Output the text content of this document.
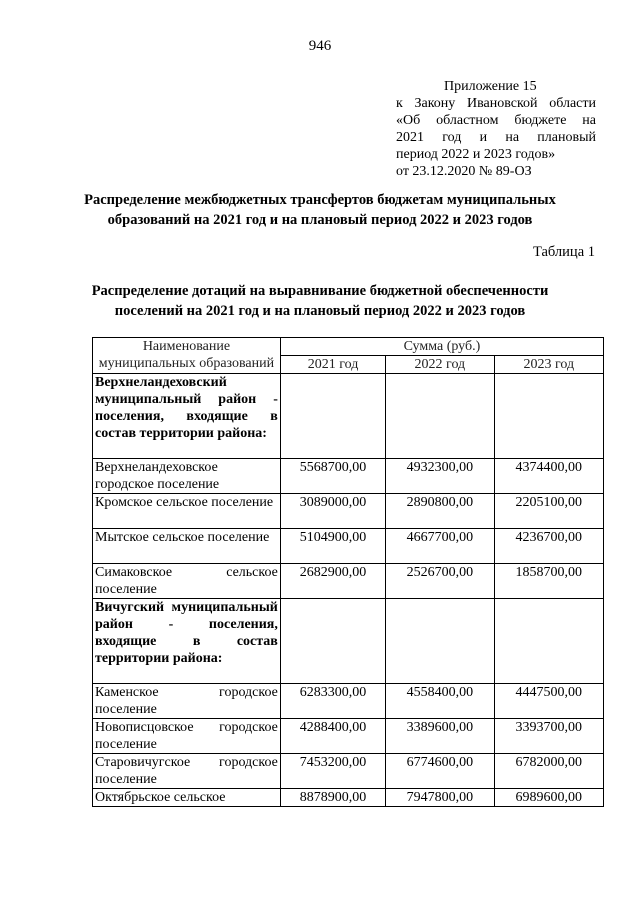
946
Приложение 15
к Закону Ивановской области
«Об областном бюджете на
2021 год и на плановый
период 2022 и 2023 годов»
от 23.12.2020 № 89-ОЗ
Распределение межбюджетных трансфертов бюджетам муниципальных образований на 2021 год и на плановый период 2022 и 2023 годов
Таблица 1
Распределение дотаций на выравнивание бюджетной обеспеченности поселений на 2021 год и на плановый период 2022 и 2023 годов
Наименование муниципальных образований	Сумма (руб.)		
	2021 год	2022 год	2023 год
Верхнеландеховский муниципальный район - поселения, входящие в состав территории района:			
Верхнеландеховское городское поселение	5568700,00	4932300,00	4374400,00
Кромское сельское поселение	3089000,00	2890800,00	2205100,00
Мытское сельское поселение	5104900,00	4667700,00	4236700,00
Симаковское сельское поселение	2682900,00	2526700,00	1858700,00
Вичугский муниципальный район - поселения, входящие в состав территории района:			
Каменское городское поселение	6283300,00	4558400,00	4447500,00
Новописцовское городское поселение	4288400,00	3389600,00	3393700,00
Старовичугское городское поселение	7453200,00	6774600,00	6782000,00
Октябрьское сельское	8878900,00	7947800,00	6989600,00
